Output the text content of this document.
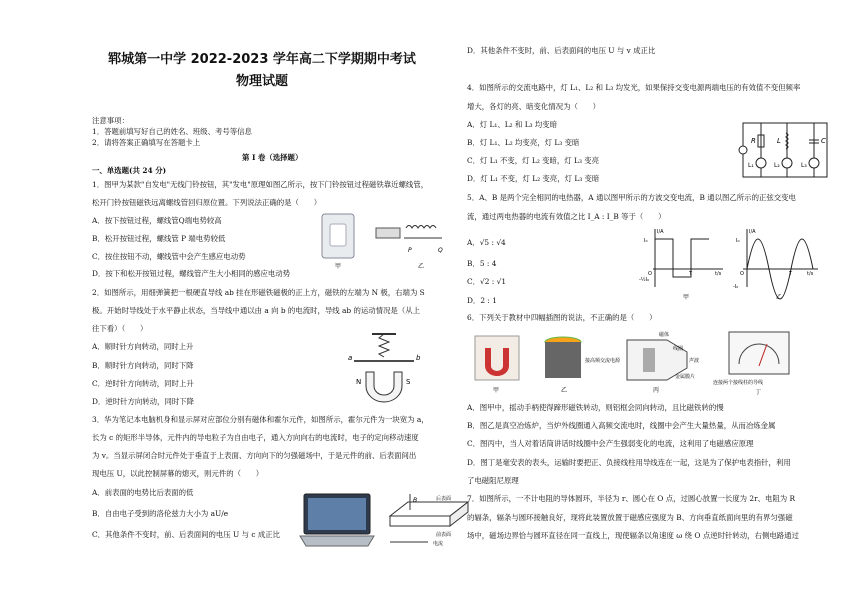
郓城第一中学 2022-2023 学年高二下学期期中考试
物理试题
注意事项：
1．答题前填写好自己的姓名、班级、考号等信息
2．请将答案正确填写在答题卡上
第 I 卷（选择题）
一、单选题(共 24 分)
1．图甲为某款"自发电"无线门铃按钮，其"发电"原理如图乙所示，按下门铃按钮过程磁铁靠近螺线管，
松开门铃按钮磁铁远离螺线管回归原位置。下列说法正确的是（　　）
A．按下按钮过程，螺线管Q端电势较高
B．松开按钮过程，螺线管 P 端电势较低
C．按住按钮不动，螺线管中会产生感应电动势
D．按下和松开按钮过程，螺线管产生大小相同的感应电动势
2．如图所示，用细弹簧把一根硬直导线 ab 挂在形磁铁磁极的正上方，磁铁的左端为 N 极，右端为 S
极。开始时导线处于水平静止状态，当导线中通以由 a 向 b 的电流时，导线 ab 的运动情况是（从上
往下看）（　　）
A．顺时针方向转动，同时上升
B．顺时针方向转动，同时下降
C．逆时针方向转动，同时上升
D．逆时针方向转动，同时下降
3．华为笔记本电脑机身和显示屏对应部位分别有磁体和霍尔元件，如图所示，霍尔元件为一块宽为 a，
长为 c 的矩形半导体，元件内的导电粒子为自由电子，通入方向向右的电流时，电子的定向移动速度
为 v。当显示屏闭合时元件处于垂直于上表面、方向向下的匀强磁场中，于是元件的前、后表面间出
现电压 U，以此控制屏幕的熄灭，则元件的（　　）
A．前表面的电势比后表面的低
B．自由电子受到的洛伦兹力大小为 aU/e
C．其他条件不变时，前、后表面间的电压 U 与 c 成正比
甲
P	Q
乙
a	b
N	S
B	后表面
前表面
电流
D．其他条件不变时，前、后表面间的电压 U 与 v 成正比
4．如图所示的交流电路中，灯 L₁、L₂ 和 L₃ 均发光，如果保持交变电源两端电压的有效值不变但频率
增大，各灯的亮、暗变化情况为（　　）
A．灯 L₁、L₂ 和 L₃ 均变暗
B．灯 L₁、L₂ 均变亮，灯 L₃ 变暗
C．灯 L₁ 不变，灯 L₂ 变暗，灯 L₃ 变亮
D．灯 L₁ 不变，灯 L₂ 变亮，灯 L₃ 变暗
5．A、B 是两个完全相同的电热器，A 通以图甲所示的方波交变电流，B 通以图乙所示的正弦交变电
流，通过两电热器的电流有效值之比 I_A : I_B 等于（　　）
A．√5 : √4
B．5 : 4
C．√2 : √1
D．2 : 1
6．下列关于教材中四幅插图的说法，不正确的是（　　）
A．图甲中，摇动手柄使得蹄形磁铁转动，则铝框会同向转动，且比磁铁转的慢
B．图乙是真空冶炼炉，当炉外线圈通入高频交流电时，线圈中会产生大量热量，从而冶炼金属
C．图丙中，当人对着话筒讲话时线圈中会产生强弱变化的电流，这利用了电磁感应原理
D．图丁是毫安表的表头，运输时要把正、负接线柱用导线连在一起，这是为了保护电表指针，利用
了电磁阻尼原理
7．如图所示，一不计电阻的导体圆环，半径为 r、圆心在 O 点，过圆心放置一长度为 2r、电阻为 R
的辐条，辐条与圆环接触良好，现将此装置放置于磁感应强度为 B、方向垂直纸面向里的有界匀强磁
场中，磁场边界恰与圆环直径在同一直线上，现使辐条以角速度 ω 绕 O 点逆时针转动，右侧电路通过
R	L	C
L₁	L₂	L₃
I/A
I₀
-½I₀
O	T	t/s
甲
I/A
I₀
-I₀
O	T	t/s
乙
甲
接高频交流电源
乙
磁体
线圈
声波
金属膜片
丙
连接两个接线柱的导线
丁
